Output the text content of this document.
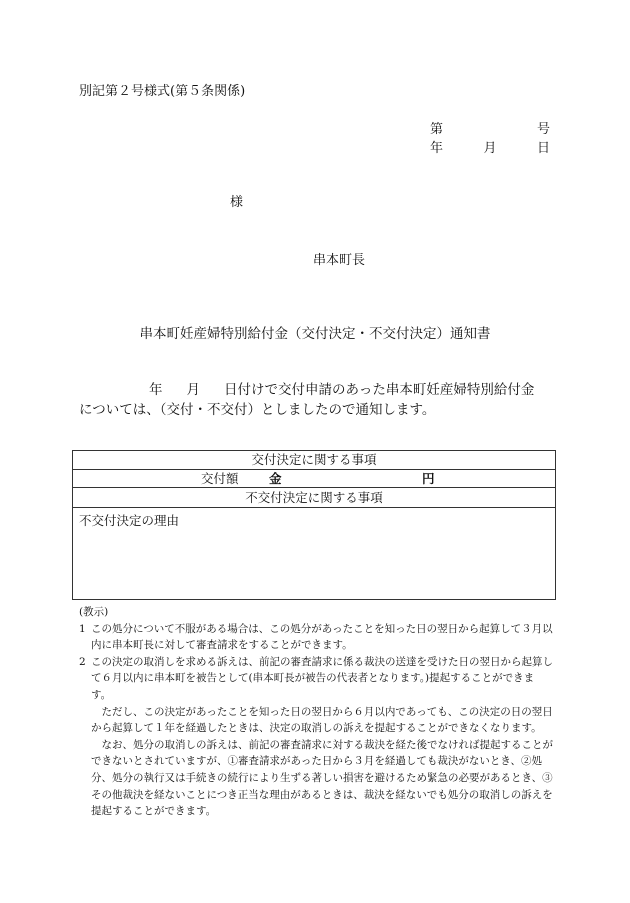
別記第２号様式(第５条関係)
第	号
年	月	日
様
串本町長
串本町妊産婦特別給付金（交付決定・不交付決定）通知書
年 月 日付けで交付申請のあった串本町妊産婦特別給付金
については、（交付・不交付）としましたので通知します。
交付決定に関する事項
交付額 金	円
不交付決定に関する事項
不交付決定の理由

(教示)

1 この処分について不服がある場合は、この処分があったことを知った日の翌日から起算して３月以内に串本町長に対して審査請求をすることができます。

2 この決定の取消しを求める訴えは、前記の審査請求に係る裁決の送達を受けた日の翌日から起算して６月以内に串本町を被告として(串本町長が被告の代表者となります。)提起することができます。

ただし、この決定があったことを知った日の翌日から６月以内であっても、この決定の日の翌日から起算して１年を経過したときは、決定の取消しの訴えを提起することができなくなります。

なお、処分の取消しの訴えは、前記の審査請求に対する裁決を経た後でなければ提起することができないとされていますが、①審査請求があった日から３月を経過しても裁決がないとき、②処分、処分の執行又は手続きの続行により生ずる著しい損害を避けるため緊急の必要があるとき、③その他裁決を経ないことにつき正当な理由があるときは、裁決を経ないでも処分の取消しの訴えを提起することができます。
